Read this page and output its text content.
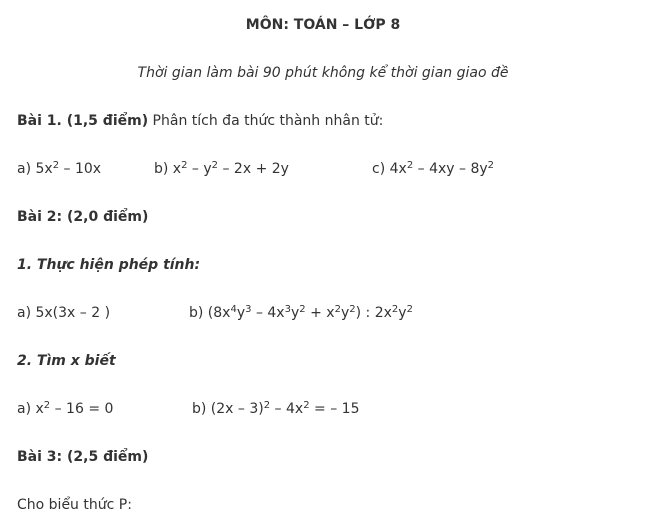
MÔN: TOÁN – LỚP 8
Thời gian làm bài 90 phút không kể thời gian giao đề
Bài 1. (1,5 điểm) Phân tích đa thức thành nhân tử:
a) $5x^2 - 10x$	b) $x^2 - y^2 - 2x + 2y$	c) $4x^2 - 4xy - 8y^2$
Bài 2: (2,0 điểm)
1. Thực hiện phép tính:
a) 5x(3x – 2 )	b) $(8x^4y^3 - 4x^3y^2 + x^2y^2)$ : $2x^2y^2$
2. Tìm x biết
a) $x^2 - 16 = 0$	b) $(2x - 3)^2 - 4x^2$ = – 15
Bài 3: (2,5 điểm)
Cho biểu thức P:
